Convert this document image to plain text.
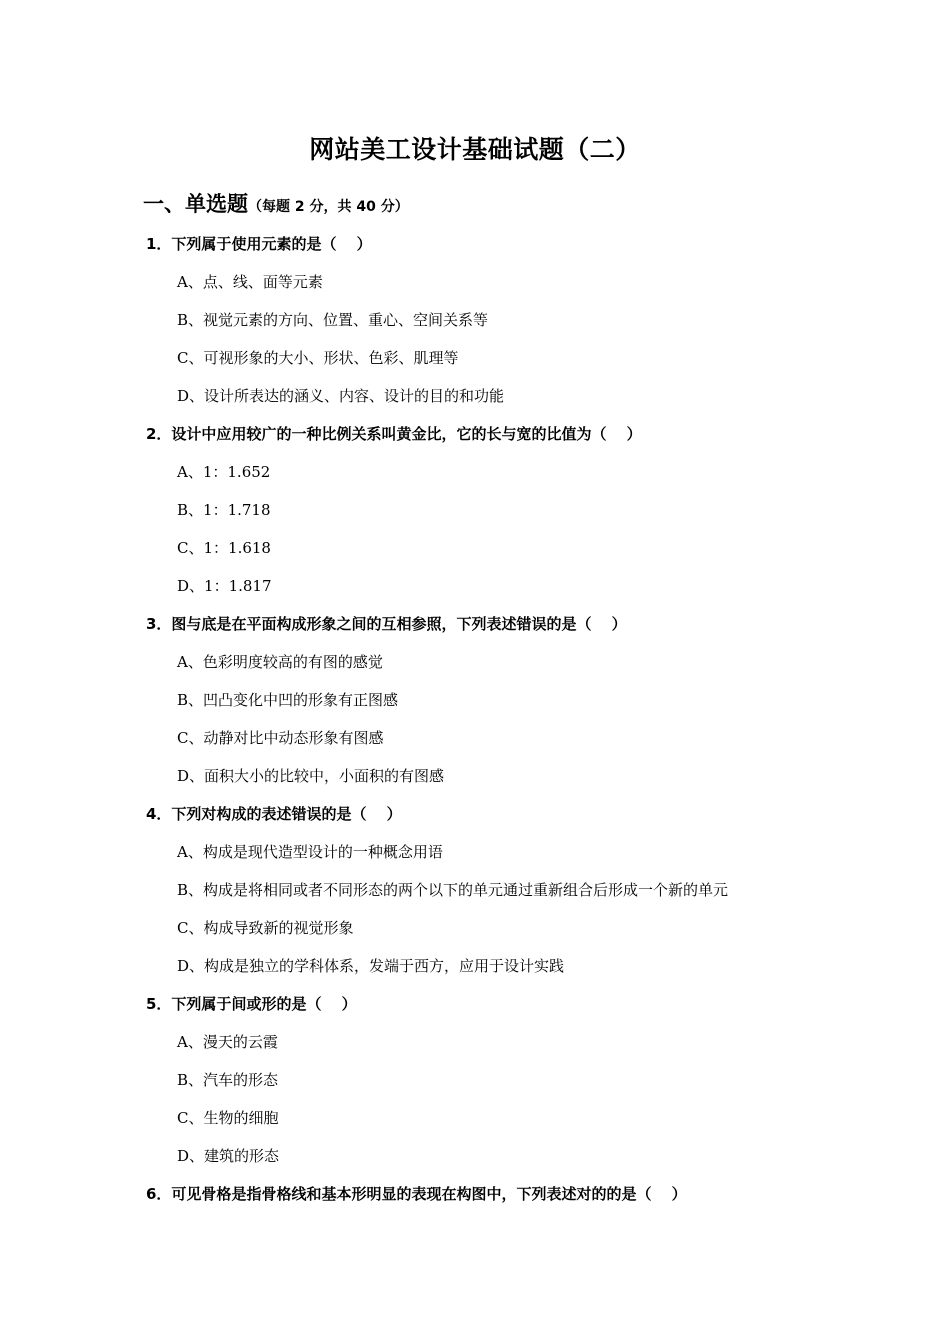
网站美工设计基础试题（二）
一、单选题（每题 2 分，共 40 分）
1．下列属于使用元素的是（　 ）
A、点、线、面等元素
B、视觉元素的方向、位置、重心、空间关系等
C、可视形象的大小、形状、色彩、肌理等
D、设计所表达的涵义、内容、设计的目的和功能
2．设计中应用较广的一种比例关系叫黄金比，它的长与宽的比值为（　 ）
A、1：1.652
B、1：1.718
C、1：1.618
D、1：1.817
3．图与底是在平面构成形象之间的互相参照，下列表述错误的是（　 ）
A、色彩明度较高的有图的感觉
B、凹凸变化中凹的形象有正图感
C、动静对比中动态形象有图感
D、面积大小的比较中，小面积的有图感
4．下列对构成的表述错误的是（　 ）
A、构成是现代造型设计的一种概念用语
B、构成是将相同或者不同形态的两个以下的单元通过重新组合后形成一个新的单元
C、构成导致新的视觉形象
D、构成是独立的学科体系，发端于西方，应用于设计实践
5．下列属于间或形的是（　 ）
A、漫天的云霞
B、汽车的形态
C、生物的细胞
D、建筑的形态
6．可见骨格是指骨格线和基本形明显的表现在构图中，下列表述对的的是（　 ）
